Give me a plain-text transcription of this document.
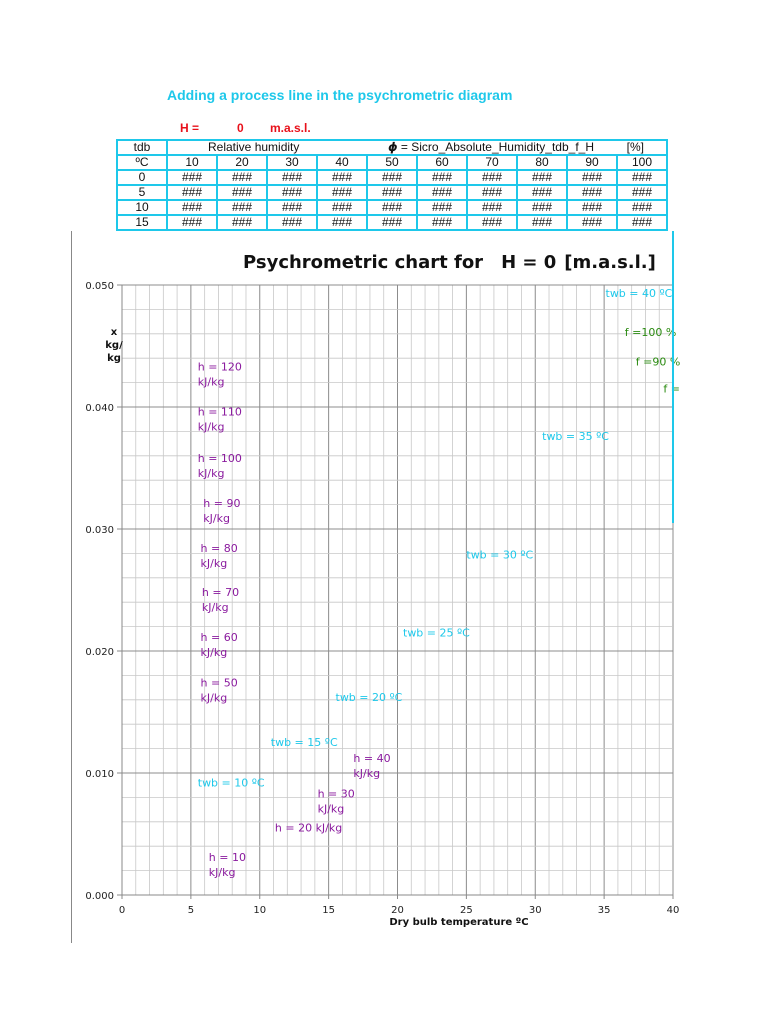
Adding a process line in the psychrometric diagram
H =	0 m.a.s.l.
tdb	Relative humidity 𝟇 = Sicro_Absolute_Humidity_tdb_f_H [%]									
ºC	10	20	30	40	50	60	70	80	90	100
0	###	###	###	###	###	###	###	###	###	###
5	###	###	###	###	###	###	###	###	###	###
10	###	###	###	###	###	###	###	###	###	###
15	###	###	###	###	###	###	###	###	###	###
0.000
0.010
0.020
0.030
0.040
0.050
0	5	10	15	20	25	30	35	40
Psychrometric chart for H = 0 [m.a.s.l.]
Dry bulb temperature ºC
x
kg/
kg
h = 120
kJ/kg
h = 110
kJ/kg
h = 100
kJ/kg
h = 90
kJ/kg
h = 80
kJ/kg
h = 70
kJ/kg
h = 60
kJ/kg
h = 50
kJ/kg
h = 40
kJ/kg
h = 30
kJ/kg
h = 20 kJ/kg
h = 10
kJ/kg
twb = 40 ºC
twb = 35 ºC
twb = 30 ºC
twb = 25 ºC
twb = 20 ºC
twb = 15 ºC
twb = 10 ºC
f =100 %
f =90 %
f =
